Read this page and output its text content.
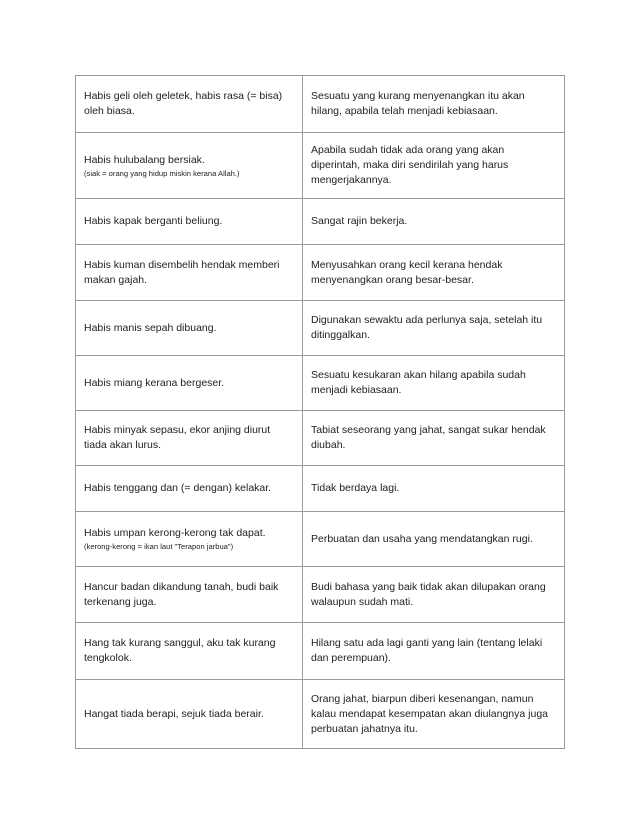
Habis geli oleh geletek, habis rasa (= bisa) oleh biasa.	Sesuatu yang kurang menyenangkan itu akan hilang, apabila telah menjadi kebiasaan.

Habis hulubalang bersiak.
(siak = orang yang hidup miskin kerana Allah.)	Apabila sudah tidak ada orang yang akan diperintah, maka diri sendirilah yang harus mengerjakannya.

Habis kapak berganti beliung.	Sangat rajin bekerja.

Habis kuman disembelih hendak memberi makan gajah.	Menyusahkan orang kecil kerana hendak menyenangkan orang besar-besar.

Habis manis sepah dibuang.	Digunakan sewaktu ada perlunya saja, setelah itu ditinggalkan.

Habis miang kerana bergeser.	Sesuatu kesukaran akan hilang apabila sudah menjadi kebiasaan.

Habis minyak sepasu, ekor anjing diurut tiada akan lurus.	Tabiat seseorang yang jahat, sangat sukar hendak diubah.

Habis tenggang dan (= dengan) kelakar.	Tidak berdaya lagi.

Habis umpan kerong-kerong tak dapat.
(kerong-kerong = ikan laut "Terapon jarbua")	Perbuatan dan usaha yang mendatangkan rugi.

Hancur badan dikandung tanah, budi baik terkenang juga.	Budi bahasa yang baik tidak akan dilupakan orang walaupun sudah mati.

Hang tak kurang sanggul, aku tak kurang tengkolok.	Hilang satu ada lagi ganti yang lain (tentang lelaki dan perempuan).

Hangat tiada berapi, sejuk tiada berair.	Orang jahat, biarpun diberi kesenangan, namun kalau mendapat kesempatan akan diulangnya juga perbuatan jahatnya itu.
